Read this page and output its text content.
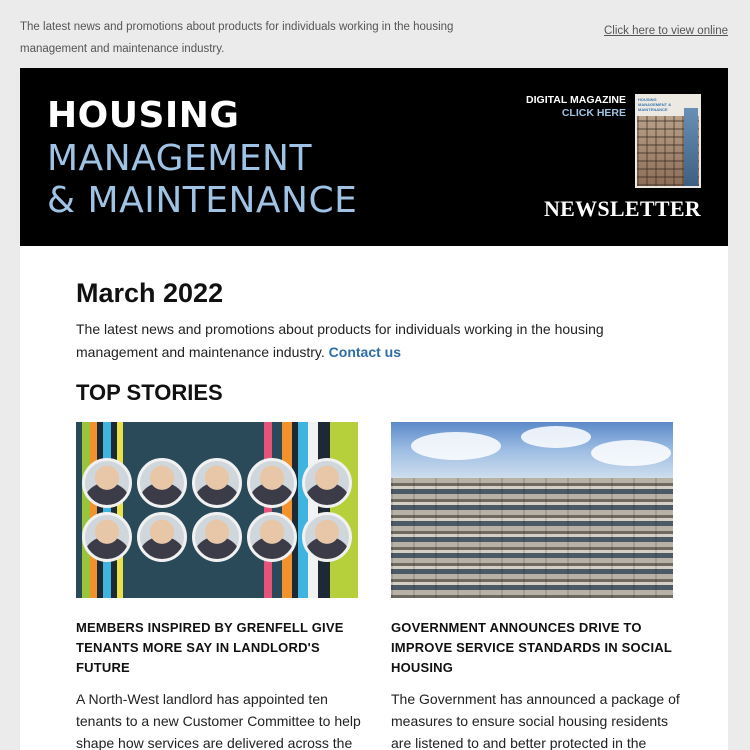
The latest news and promotions about products for individuals working in the housing management and maintenance industry.
Click here to view online
HOUSING
MANAGEMENT
& MAINTENANCE
DIGITAL MAGAZINE
CLICK HERE
HOUSING MANAGEMENT & MAINTENANCE
NEWSLETTER
March 2022

The latest news and promotions about products for individuals working in the housing management and maintenance industry. Contact us

TOP STORIES
MEMBERS INSPIRED BY GRENFELL GIVE TENANTS MORE SAY IN LANDLORD'S FUTURE
GOVERNMENT ANNOUNCES DRIVE TO IMPROVE SERVICE STANDARDS IN SOCIAL HOUSING
A North-West landlord has appointed ten tenants to a new Customer Committee to help shape how services are delivered across the
The Government has announced a package of measures to ensure social housing residents are listened to and better protected in the
